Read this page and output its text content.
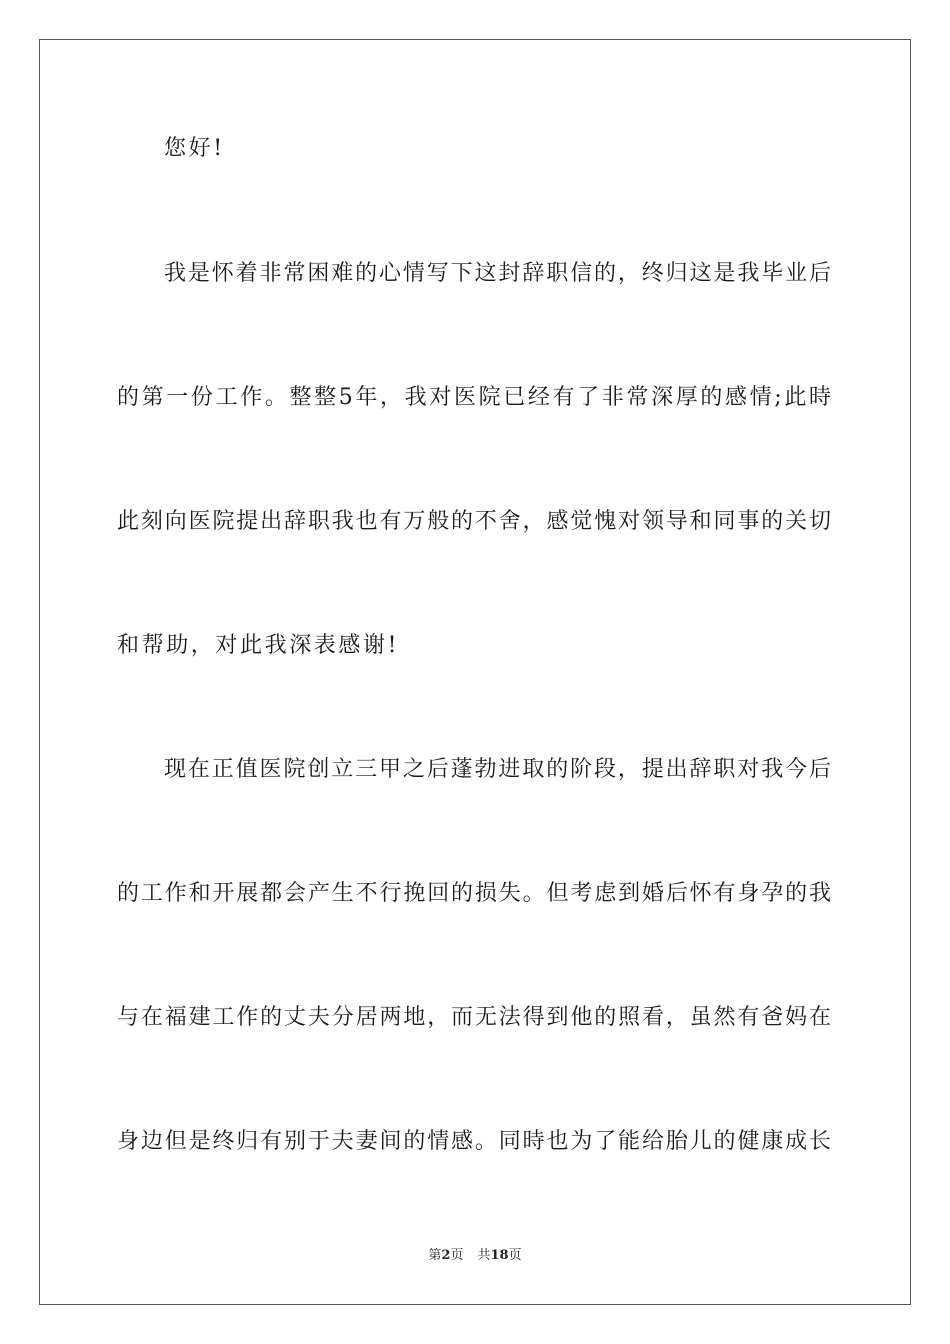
您好!
我是怀着非常困难的心情写下这封辞职信的，终归这是我毕业后
的第一份工作。整整5年，我对医院已经有了非常深厚的感情;此時
此刻向医院提出辞职我也有万般的不舍，感觉愧对领导和同事的关切
和帮助，对此我深表感谢!
现在正值医院创立三甲之后蓬勃进取的阶段，提出辞职对我今后
的工作和开展都会产生不行挽回的损失。但考虑到婚后怀有身孕的我
与在福建工作的丈夫分居两地，而无法得到他的照看，虽然有爸妈在
身边但是终归有别于夫妻间的情感。同時也为了能给胎儿的健康成长
第2页 共18页
